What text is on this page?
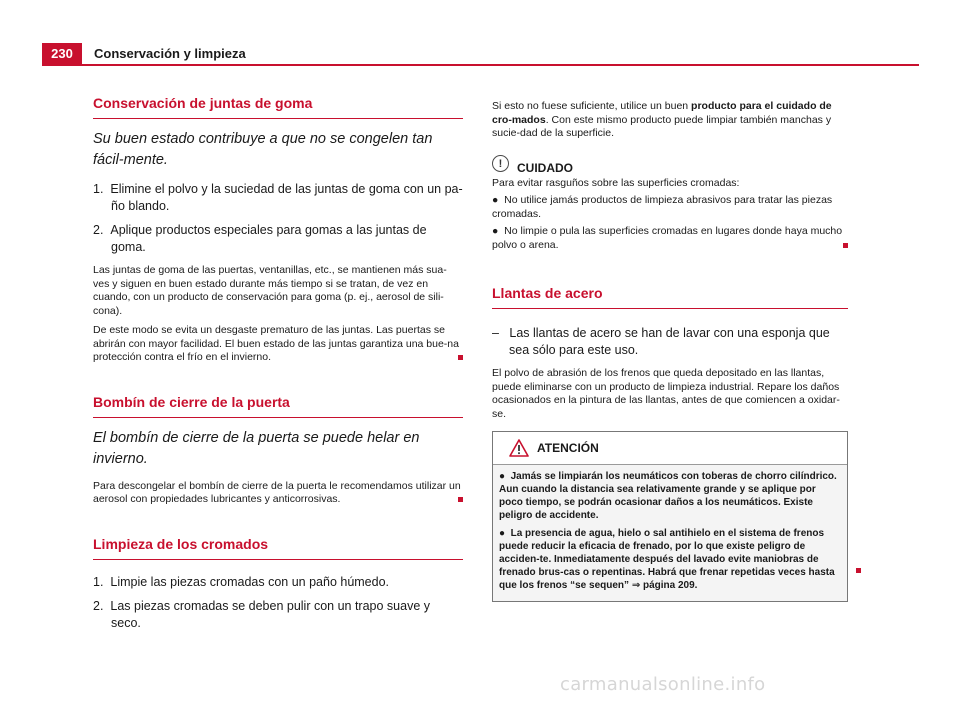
230	Conservación y limpieza
Conservación de juntas de goma
Su buen estado contribuye a que no se congelen tan fácil-mente.

1.  Elimine el polvo y la suciedad de las juntas de goma con un pa-ño blando.

2.  Aplique productos especiales para gomas a las juntas de goma.

Las juntas de goma de las puertas, ventanillas, etc., se mantienen más sua-ves y siguen en buen estado durante más tiempo si se tratan, de vez en cuando, con un producto de conservación para goma (p. ej., aerosol de sili-cona).

De este modo se evita un desgaste prematuro de las juntas. Las puertas se abrirán con mayor facilidad. El buen estado de las juntas garantiza una bue-na protección contra el frío en el invierno.

Bombín de cierre de la puerta
El bombín de cierre de la puerta se puede helar en invierno.

Para descongelar el bombín de cierre de la puerta le recomendamos utilizar un aerosol con propiedades lubricantes y anticorrosivas.

Limpieza de los cromados

1.  Limpie las piezas cromadas con un paño húmedo.

2.  Las piezas cromadas se deben pulir con un trapo suave y seco.

Si esto no fuese suficiente, utilice un buen producto para el cuidado de cro-mados. Con este mismo producto puede limpiar también manchas y sucie-dad de la superficie.

!	CUIDADO

Para evitar rasguños sobre las superficies cromadas:

●  No utilice jamás productos de limpieza abrasivos para tratar las piezas cromadas.

●  No limpie o pula las superficies cromadas en lugares donde haya mucho polvo o arena.

Llantas de acero

–   Las llantas de acero se han de lavar con una esponja que sea sólo para este uso.

El polvo de abrasión de los frenos que queda depositado en las llantas, puede eliminarse con un producto de limpieza industrial. Repare los daños ocasionados en la pintura de las llantas, antes de que comiencen a oxidar-se.

ATENCIÓN

●  Jamás se limpiarán los neumáticos con toberas de chorro cilíndrico. Aun cuando la distancia sea relativamente grande y se aplique por poco tiempo, se podrán ocasionar daños a los neumáticos. Existe peligro de accidente.

●  La presencia de agua, hielo o sal antihielo en el sistema de frenos puede reducir la eficacia de frenado, por lo que existe peligro de acciden-te. Inmediatamente después del lavado evite maniobras de frenado brus-cas o repentinas. Habrá que frenar repetidas veces hasta que los frenos “se sequen” ⇒ página 209.

carmanualsonline.info
